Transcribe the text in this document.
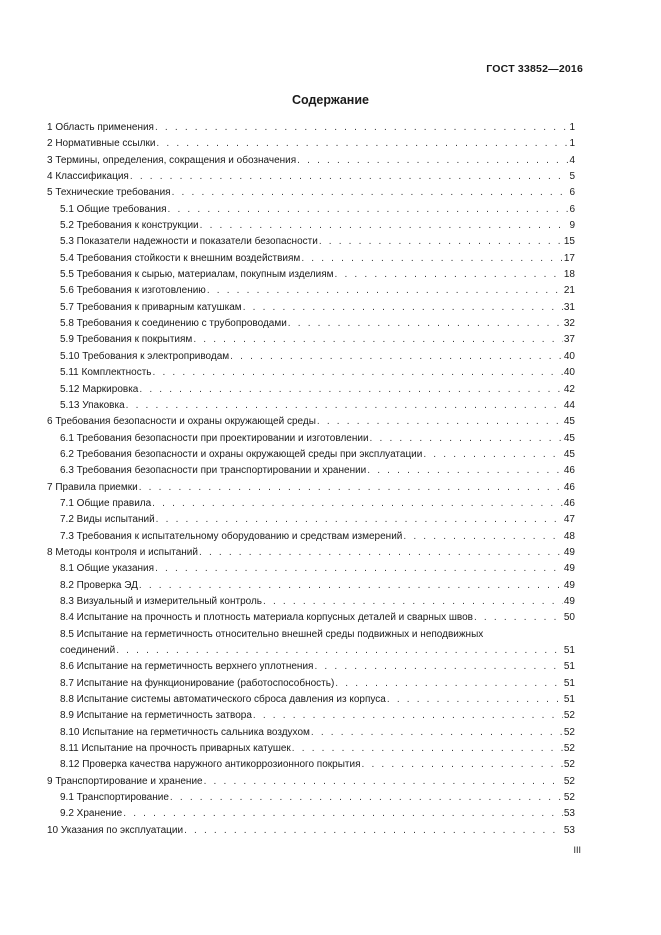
ГОСТ 33852—2016
Содержание
1 Область применения . . .	1
2 Нормативные ссылки . . .	1
3 Термины, определения, сокращения и обозначения . . .	4
4 Классификация . . .	5
5 Технические требования . . .	6
5.1 Общие требования . . .	6
5.2 Требования к конструкции . . .	9
5.3 Показатели надежности и показатели безопасности . . .	15
5.4 Требования стойкости к внешним воздействиям . . .	17
5.5 Требования к сырью, материалам, покупным изделиям . . .	18
5.6 Требования к изготовлению . . .	21
5.7 Требования к приварным катушкам . . .	31
5.8 Требования к соединению с трубопроводами . . .	32
5.9 Требования к покрытиям . . .	37
5.10 Требования к электроприводам . . .	40
5.11 Комплектность . . .	40
5.12 Маркировка . . .	42
5.13 Упаковка . . .	44
6 Требования безопасности и охраны окружающей среды . . .	45
6.1 Требования безопасности при проектировании и изготовлении . . .	45
6.2 Требования безопасности и охраны окружающей среды при эксплуатации . . .	45
6.3 Требования безопасности при транспортировании и хранении . . .	46
7 Правила приемки . . .	46
7.1 Общие правила . . .	46
7.2 Виды испытаний . . .	47
7.3 Требования к испытательному оборудованию и средствам измерений . . .	48
8 Методы контроля и испытаний . . .	49
8.1 Общие указания . . .	49
8.2 Проверка ЭД . . .	49
8.3 Визуальный и измерительный контроль . . .	49
8.4 Испытание на прочность и плотность материала корпусных деталей и сварных швов . . .	50
8.5 Испытание на герметичность относительно внешней среды подвижных и неподвижных
соединений . . .	51
8.6 Испытание на герметичность верхнего уплотнения . . .	51
8.7 Испытание на функционирование (работоспособность) . . .	51
8.8 Испытание системы автоматического сброса давления из корпуса . . .	51
8.9 Испытание на герметичность затвора . . .	52
8.10 Испытание на герметичность сальника воздухом . . .	52
8.11 Испытание на прочность приварных катушек . . .	52
8.12 Проверка качества наружного антикоррозионного покрытия . . .	52
9 Транспортирование и хранение . . .	52
9.1 Транспортирование . . .	52
9.2 Хранение . . .	53
10 Указания по эксплуатации . . .	53
III
